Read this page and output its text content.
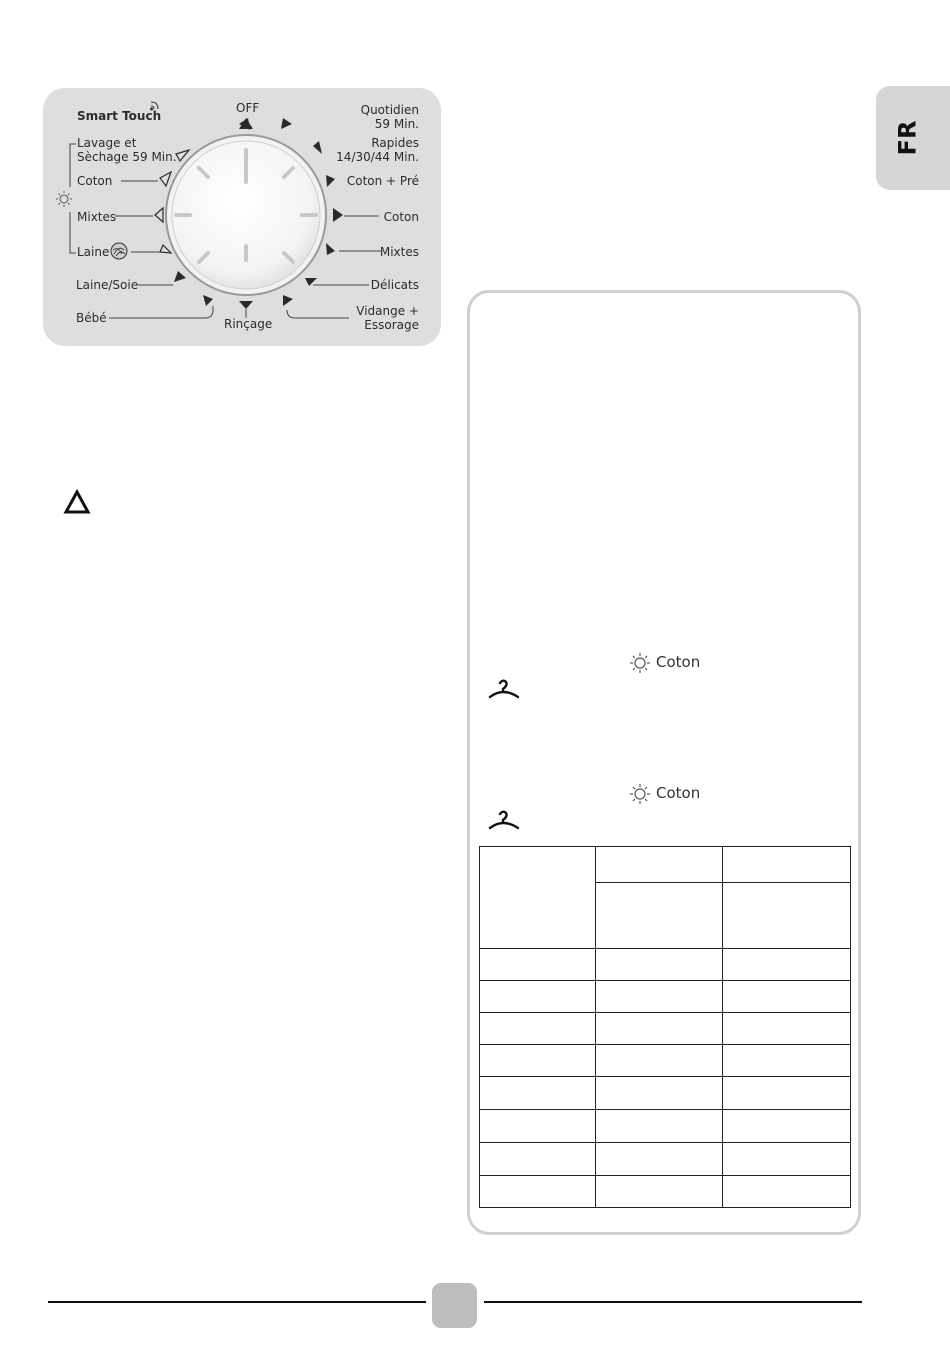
FR
Smart Touch
Lavage et
Sèchage 59 Min.
Coton
Mixtes
Laine
Laine/Soie
Bébé
OFF
Rinçage
Quotidien
59 Min.
Rapides
14/30/44 Min.
Coton + Pré
Coton
Mixtes
Délicats
Vidange +
Essorage
Coton
Coton
